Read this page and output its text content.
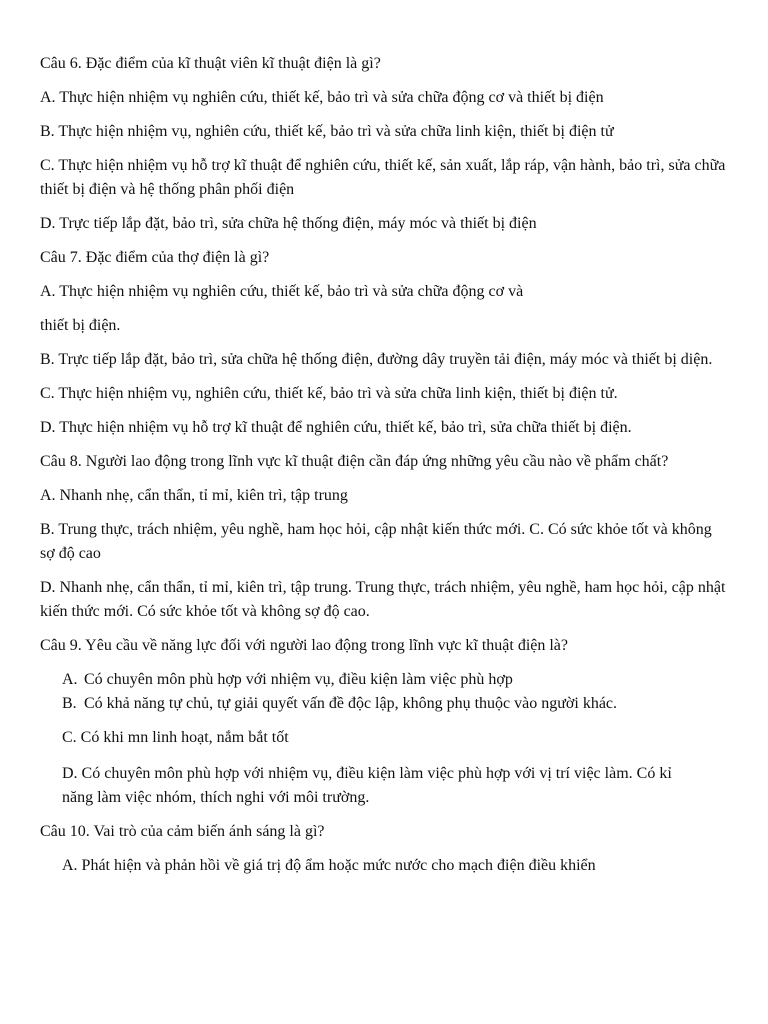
Câu 6. Đặc điểm của kĩ thuật viên kĩ thuật điện là gì?

A. Thực hiện nhiệm vụ nghiên cứu, thiết kế, bảo trì và sửa chữa động cơ và thiết bị điện

B. Thực hiện nhiệm vụ, nghiên cứu, thiết kế, bảo trì và sửa chữa linh kiện, thiết bị điện tử

C. Thực hiện nhiệm vụ hỗ trợ kĩ thuật để nghiên cứu, thiết kế, sản xuất, lắp ráp, vận hành, bảo trì, sửa chữa thiết bị điện và hệ thống phân phối điện

D. Trực tiếp lắp đặt, bảo trì, sửa chữa hệ thống điện, máy móc và thiết bị điện

Câu 7. Đặc điểm của thợ điện là gì?

A. Thực hiện nhiệm vụ nghiên cứu, thiết kế, bảo trì và sửa chữa động cơ và

thiết bị điện.

B. Trực tiếp lắp đặt, bảo trì, sửa chữa hệ thống điện, đường dây truyền tải điện, máy móc và thiết bị diện.

C. Thực hiện nhiệm vụ, nghiên cứu, thiết kế, bảo trì và sửa chữa linh kiện, thiết bị điện tử.

D. Thực hiện nhiệm vụ hỗ trợ kĩ thuật để nghiên cứu, thiết kế, bảo trì, sửa chữa thiết bị điện.

Câu 8. Người lao động trong lĩnh vực kĩ thuật điện cần đáp ứng những yêu cầu nào về phẩm chất?

A. Nhanh nhẹ, cẩn thẩn, tỉ mỉ, kiên trì, tập trung

B. Trung thực, trách nhiệm, yêu nghề, ham học hỏi, cập nhật kiến thức mới. C. Có sức khỏe tốt và không sợ độ cao

D. Nhanh nhẹ, cẩn thẩn, tỉ mỉ, kiên trì, tập trung. Trung thực, trách nhiệm, yêu nghề, ham học hỏi, cập nhật kiến thức mới. Có sức khỏe tốt và không sợ độ cao.

Câu 9. Yêu cầu về năng lực đối với người lao động trong lĩnh vực kĩ thuật điện là?

A. Có chuyên môn phù hợp với nhiệm vụ, điều kiện làm việc phù hợp
B. Có khả năng tự chủ, tự giải quyết vấn đề độc lập, không phụ thuộc vào người khác.

C. Có khi mn linh hoạt, nắm bắt tốt

D. Có chuyên môn phù hợp với nhiệm vụ, điều kiện làm việc phù hợp với vị trí việc làm. Có kỉ năng làm việc nhóm, thích nghi với môi trường.

Câu 10. Vai trò của cảm biến ánh sáng là gì?

A. Phát hiện và phản hồi về giá trị độ ẩm hoặc mức nước cho mạch điện điều khiển
